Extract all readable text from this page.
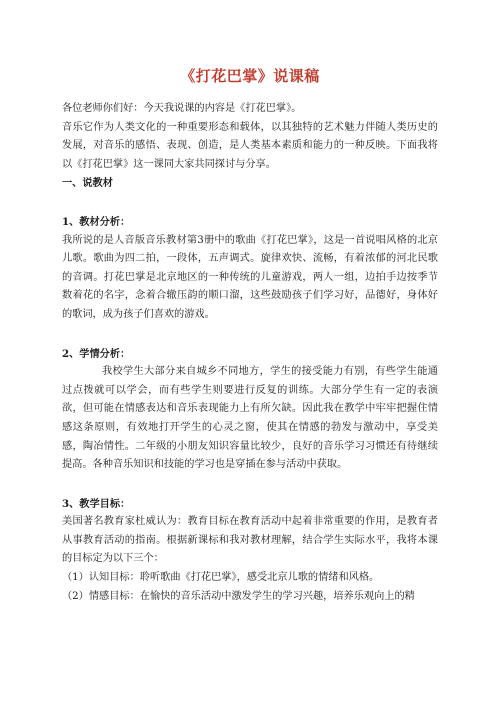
《打花巴掌》说课稿

各位老师你们好：今天我说课的内容是《打花巴掌》。

音乐它作为人类文化的一种重要形态和载体，以其独特的艺术魅力伴随人类历史的发展，对音乐的感悟、表现、创造，是人类基本素质和能力的一种反映。下面我将以《打花巴掌》这一课同大家共同探讨与分享。

一、说教材

1、教材分析：

我所说的是人音版音乐教材第3册中的歌曲《打花巴掌》，这是一首说唱风格的北京儿歌。歌曲为四二拍，一段体，五声调式。旋律欢快、流畅，有着浓郁的河北民歌的音调。打花巴掌是北京地区的一种传统的儿童游戏，两人一组，边拍手边按季节数着花的名字，念着合辙压韵的顺口溜，这些鼓励孩子们学习好，品德好，身体好的歌词，成为孩子们喜欢的游戏。

2、学情分析：

我校学生大部分来自城乡不同地方，学生的接受能力有别，有些学生能通过点拨就可以学会，而有些学生则要进行反复的训练。大部分学生有一定的表演欲，但可能在情感表达和音乐表现能力上有所欠缺。因此我在教学中牢牢把握住情感这条原则，有效地打开学生的心灵之窗，使其在情感的勃发与激动中，享受美感，陶冶情性。二年级的小朋友知识容量比较少，良好的音乐学习习惯还有待继续提高。各种音乐知识和技能的学习也是穿插在参与活动中获取。

3、教学目标：

美国著名教育家杜威认为：教育目标在教育活动中起着非常重要的作用，是教育者从事教育活动的指南。根据新课标和我对教材理解，结合学生实际水平，我将本课的目标定为以下三个：

（1）认知目标：聆听歌曲《打花巴掌》，感受北京儿歌的情绪和风格。

（2）情感目标：在愉快的音乐活动中激发学生的学习兴趣，培养乐观向上的精
